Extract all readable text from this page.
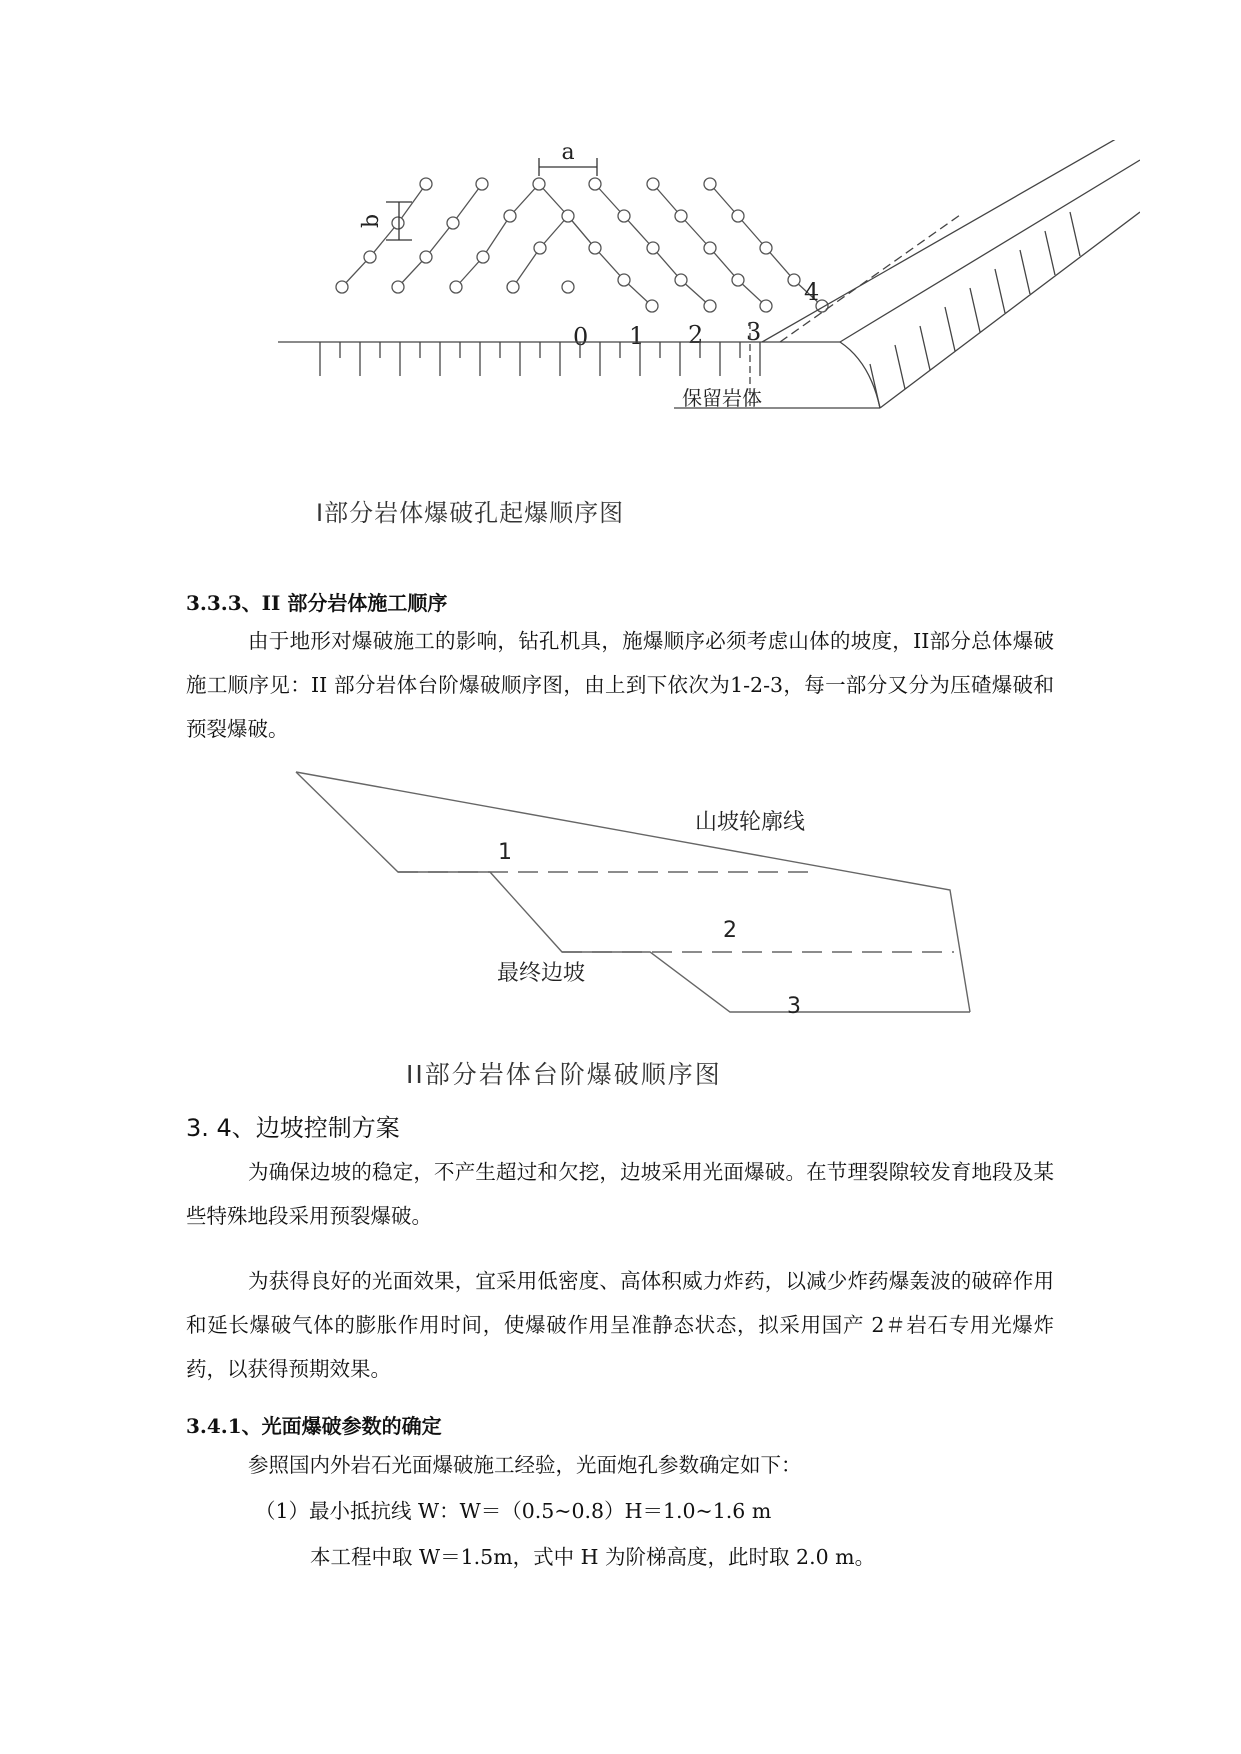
a
b
0 1 2 3
4
保留岩体
I部分岩体爆破孔起爆顺序图
3.3.3、II 部分岩体施工顺序
由于地形对爆破施工的影响，钻孔机具，施爆顺序必须考虑山体的坡度，II部分总体爆破施工顺序见：II 部分岩体台阶爆破顺序图，由上到下依次为1-2-3，每一部分又分为压碴爆破和预裂爆破。
山坡轮廓线
1
2
3
最终边坡
II部分岩体台阶爆破顺序图
3. 4、边坡控制方案
为确保边坡的稳定，不产生超过和欠挖，边坡采用光面爆破。在节理裂隙较发育地段及某些特殊地段采用预裂爆破。
为获得良好的光面效果，宜采用低密度、高体积威力炸药，以减少炸药爆轰波的破碎作用和延长爆破气体的膨胀作用时间，使爆破作用呈准静态状态，拟采用国产 2＃岩石专用光爆炸药，以获得预期效果。
3.4.1、光面爆破参数的确定
参照国内外岩石光面爆破施工经验，光面炮孔参数确定如下：
（1）最小抵抗线 W：W＝（0.5~0.8）H＝1.0~1.6 m
本工程中取 W＝1.5m，式中 H 为阶梯高度，此时取 2.0 m。
